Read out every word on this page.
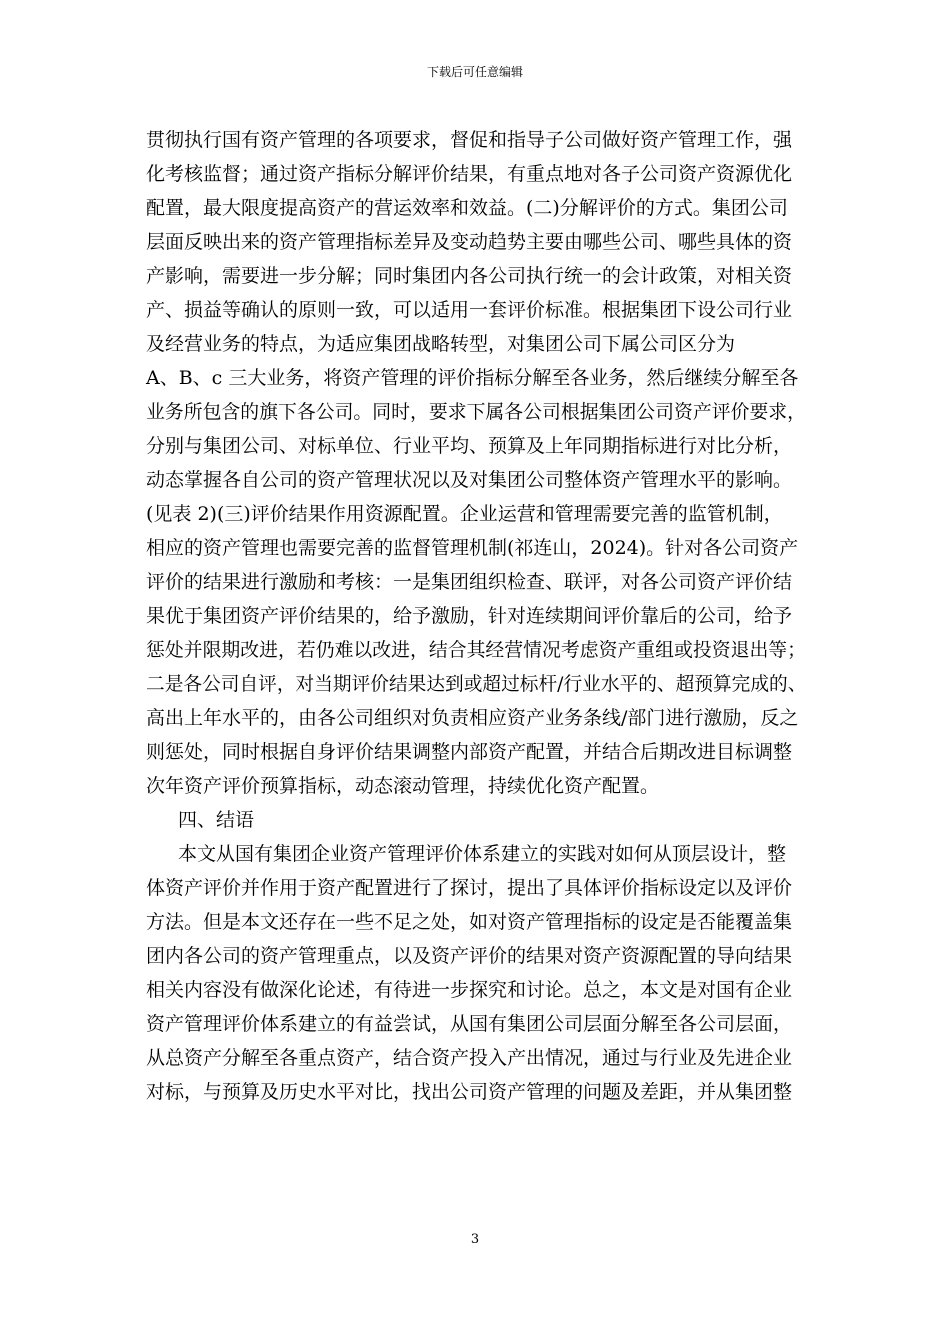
下载后可任意编辑
贯彻执行国有资产管理的各项要求，督促和指导子公司做好资产管理工作，强
化考核监督；通过资产指标分解评价结果，有重点地对各子公司资产资源优化
配置，最大限度提高资产的营运效率和效益。(二)分解评价的方式。集团公司
层面反映出来的资产管理指标差异及变动趋势主要由哪些公司、哪些具体的资
产影响，需要进一步分解；同时集团内各公司执行统一的会计政策，对相关资
产、损益等确认的原则一致，可以适用一套评价标准。根据集团下设公司行业
及经营业务的特点，为适应集团战略转型，对集团公司下属公司区分为
A、B、c 三大业务，将资产管理的评价指标分解至各业务，然后继续分解至各
业务所包含的旗下各公司。同时，要求下属各公司根据集团公司资产评价要求，
分别与集团公司、对标单位、行业平均、预算及上年同期指标进行对比分析，
动态掌握各自公司的资产管理状况以及对集团公司整体资产管理水平的影响。
(见表 2)(三)评价结果作用资源配置。企业运营和管理需要完善的监管机制，
相应的资产管理也需要完善的监督管理机制(祁连山，2024)。针对各公司资产
评价的结果进行激励和考核：一是集团组织检查、联评，对各公司资产评价结
果优于集团资产评价结果的，给予激励，针对连续期间评价靠后的公司，给予
惩处并限期改进，若仍难以改进，结合其经营情况考虑资产重组或投资退出等；
二是各公司自评，对当期评价结果达到或超过标杆/行业水平的、超预算完成的、
高出上年水平的，由各公司组织对负责相应资产业务条线/部门进行激励，反之
则惩处，同时根据自身评价结果调整内部资产配置，并结合后期改进目标调整
次年资产评价预算指标，动态滚动管理，持续优化资产配置。
四、结语
本文从国有集团企业资产管理评价体系建立的实践对如何从顶层设计，整
体资产评价并作用于资产配置进行了探讨，提出了具体评价指标设定以及评价
方法。但是本文还存在一些不足之处，如对资产管理指标的设定是否能覆盖集
团内各公司的资产管理重点，以及资产评价的结果对资产资源配置的导向结果
相关内容没有做深化论述，有待进一步探究和讨论。总之，本文是对国有企业
资产管理评价体系建立的有益尝试，从国有集团公司层面分解至各公司层面，
从总资产分解至各重点资产，结合资产投入产出情况，通过与行业及先进企业
对标，与预算及历史水平对比，找出公司资产管理的问题及差距，并从集团整
3
